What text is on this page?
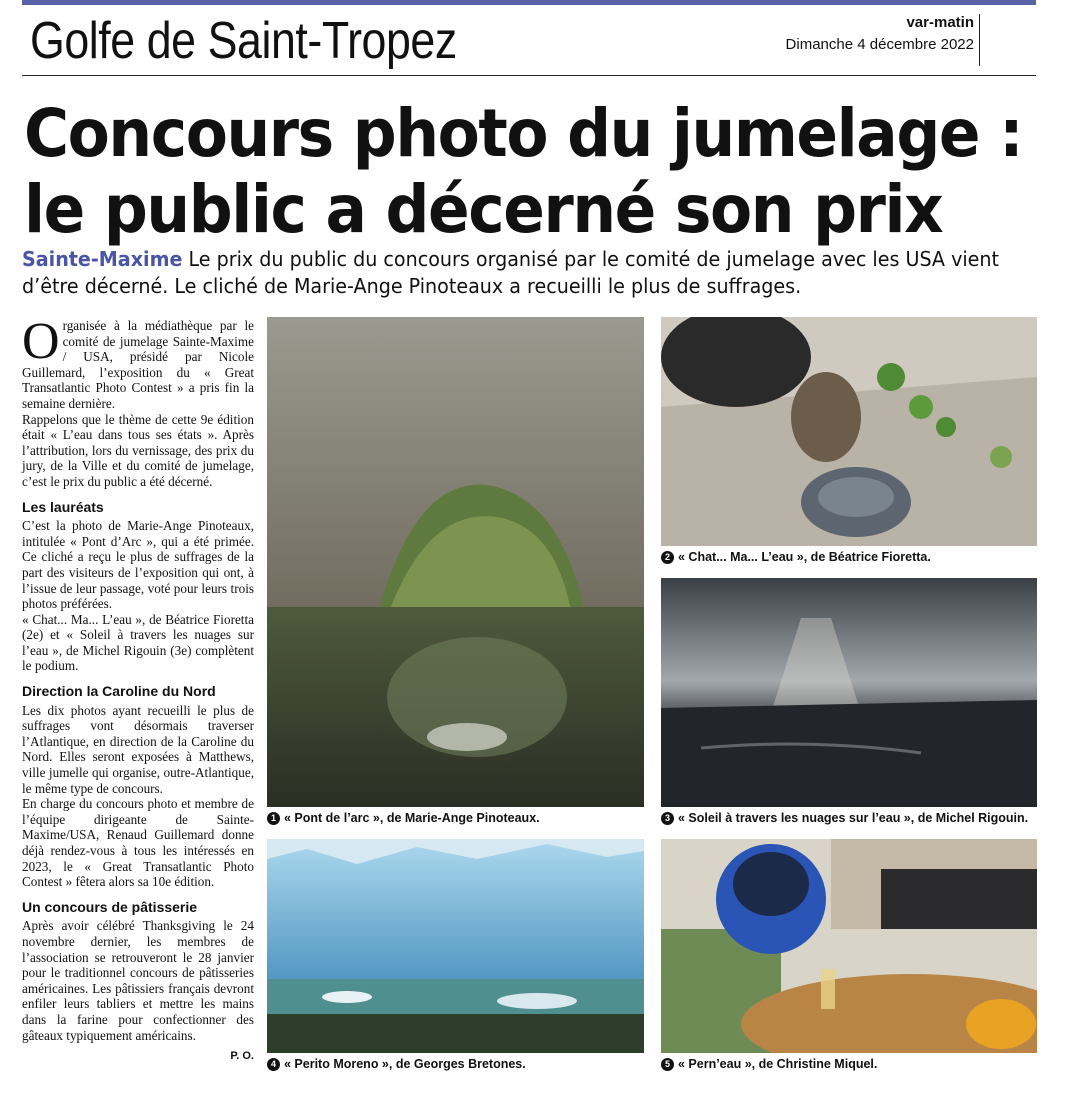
Golfe de Saint-Tropez	var-matin
Dimanche 4 décembre 2022
Concours photo du jumelage :
le public a décerné son prix
Sainte-Maxime Le prix du public du concours organisé par le comité de jumelage avec les USA vient d’être décerné. Le cliché de Marie-Ange Pinoteaux a recueilli le plus de suffrages.

Organisée à la médiathèque par le comité de jumelage Sainte-Maxime / USA, présidé par Nicole Guillemard, l’exposition du « Great Transatlantic Photo Contest » a pris fin la semaine dernière.

Rappelons que le thème de cette 9e édition était « L’eau dans tous ses états ». Après l’attribution, lors du vernissage, des prix du jury, de la Ville et du comité de jumelage, c’est le prix du public a été décerné.

Les lauréats

C’est la photo de Marie-Ange Pinoteaux, intitulée « Pont d’Arc », qui a été primée. Ce cliché a reçu le plus de suffrages de la part des visiteurs de l’exposition qui ont, à l’issue de leur passage, voté pour leurs trois photos préférées.

« Chat... Ma... L’eau », de Béatrice Fioretta (2e) et « Soleil à travers les nuages sur l’eau », de Michel Rigouin (3e) complètent le podium.

Direction la Caroline du Nord

Les dix photos ayant recueilli le plus de suffrages vont désormais traverser l’Atlantique, en direction de la Caroline du Nord. Elles seront exposées à Matthews, ville jumelle qui organise, outre-Atlantique, le même type de concours.

En charge du concours photo et membre de l’équipe dirigeante de Sainte-Maxime/USA, Renaud Guillemard donne déjà rendez-vous à tous les intéressés en 2023, le « Great Transatlantic Photo Contest » fêtera alors sa 10e édition.

Un concours de pâtisserie

Après avoir célébré Thanksgiving le 24 novembre dernier, les membres de l’association se retrouveront le 28 janvier pour le traditionnel concours de pâtisseries américaines. Les pâtissiers français devront enfiler leurs tabliers et mettre les mains dans la farine pour confectionner des gâteaux typiquement américains.

P. O.
1 « Pont de l’arc », de Marie-Ange Pinoteaux.
2 « Chat... Ma... L’eau », de Béatrice Fioretta.
3 « Soleil à travers les nuages sur l’eau », de Michel Rigouin.
4 « Perito Moreno », de Georges Bretones.	5 « Pern’eau », de Christine Miquel.
